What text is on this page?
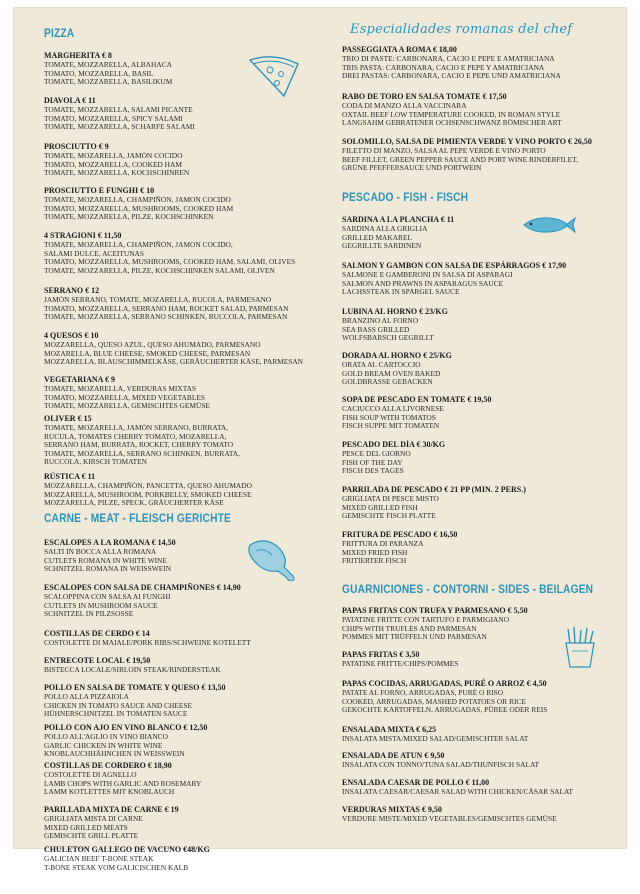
PIZZA
MARGHERITA € 8
TOMATE, MOZZARELLA, ALBAHACA
TOMATO, MOZZARELLA, BASIL
TOMATE, MOZZARELLA, BASILIKUM
DIAVOLA € 11
TOMATE, MOZZARELLA, SALAMI PICANTE
TOMATO, MOZZARELLA, SPICY SALAMI
TOMATE, MOZZARELLA, SCHARFE SALAMI
PROSCIUTTO € 9
TOMATE, MOZARELLA, JAMÓN COCIDO
TOMATO, MOZZARELLA, COOKED HAM
TOMATE, MOZZARELLA, KOCHSCHINREN
PROSCIUTTO E FUNGHI € 10
TOMATE, MOZARELLA, CHAMPIÑÓN, JAMON COCIDO
TOMATO, MOZZARELLA, MUSHROOMS, COOKED HAM
TOMATE, MOZZARELLA, PILZE, KOCHSCHINKEN
4 STRAGIONI € 11,50
TOMATE, MOZARELLA, CHAMPIÑÓN, JAMON COCIDO,
SALAMI DULCE, ACEITUNAS
TOMATO, MOZZARELLA, MUSHROOMS, COOKED HAM, SALAMI, OLIVES
TOMATE, MOZZARELLA, PILZE, KOCHSCHINKEN SALAMI, OLIVEN
SERRANO € 12
JAMÓN SERRANO, TOMATE, MOZARELLA, RUCOLA, PARMESANO
TOMATO, MOZZARELLA, SERRANO HAM, ROCKET SALAD, PARMESAN
TOMATE, MOZZARELLA, SERRANO SCHINKEN, RUCCOLA, PARMESAN
4 QUESOS € 10
MOZZARELLA, QUESO AZUL, QUESO AHUMADO, PARMESANO
MOZARELLA, BLUE CHEESE, SMOKED CHEESE, PARMESAN
MOZZARELLA, BLAUSCHIMMELKÄSE, GERÄUCHERTER KÄSE, PARMESAN
VEGETARIANA € 9
TOMATE, MOZARELLA, VERDURAS MIXTAS
TOMATO, MOZZARELLA, MIXED VEGETABLES
TOMATE, MOZZARELLA, GEMISCHTES GEMÜSE
OLIVER € 15
TOMATE, MOZARELLA, JAMÓN SERRANO, BURRATA,
RÚCULA, TOMATES CHERRY TOMATO, MOZARELLA,
SERRANO HAM, BURRATA, ROCKET, CHERRY TOMATO
TOMATE, MOZARELLA, SERRANO SCHINKEN, BURRATA,
RUCCOLA, KIRSCH TOMATEN
RÚSTICA € 11
MOZZARELLA, CHAMPIÑÓN, PANCETTA, QUESO AHUMADO
MOZZARELLA, MUSHROOM, PORKBELLY, SMOKED CHEESE
MOZZARELLA, PILZE, SPECK, GRÄUCHERTER KÄSE
CARNE - MEAT - FLEISCH GERICHTE
ESCALOPES A LA ROMANA € 14,50
SALTI IN BOCCA ALLA ROMANA
CUTLETS ROMANA IN WHITE WINE
SCHNITZEL ROMANA IN WEISSWEIN
ESCALOPES CON SALSA DE CHAMPIÑONES € 14,90
SCALOPPINA CON SALSA AI FUNGHI
CUTLETS IN MUSHROOM SAUCE
SCHNITZEL IN PILZSOSSE
COSTILLAS DE CERDO € 14
COSTOLETTE DI MAIALE/PORK RIBS/SCHWEINE KOTELETT
ENTRECOTE LOCAL € 19,50
BISTECCA LOCALE/SIRLOIN STEAK/RINDERSTEAK
POLLO EN SALSA DE TOMATE Y QUESO € 13,50
POLLO ALLA PIZZAIOLA
CHICKEN IN TOMATO SAUCE AND CHEESE
HÜHNERSCHNITZEL IN TOMATEN SAUCE
POLLO CON AJO EN VINO BLANCO € 12,50
POLLO ALL'AGLIO IN VINO BIANCO
GARLIC CHICKEN IN WHITE WINE
KNOBLAUCHHÄHNCHEN IN WEISSWEIN
COSTILLAS DE CORDERO € 18,90
COSTOLETTE DI AGNELLO
LAMB CHOPS WITH GARLIC AND ROSEMARY
LAMM KOTLETTES MIT KNOBLAUCH
PARILLADA MIXTA DE CARNE € 19
GRIGLIATA MISTA DI CARNE
MIXED GRILLED MEATS
GEMISCHTE GRILL PLATTE
CHULETON GALLEGO DE VACUNO €48/KG
GALICIAN BEEF T-BONE STEAK
T-BONE STEAK VOM GALICISCHEN KALB
Especialidades romanas del chef
PASSEGGIATA A ROMA € 18,00
TRIO DI PASTE: CARBONARA, CACIO E PEPE E AMATRICIANA
TRIS PASTA: CARBONARA, CACIO E PEPE Y AMATRICIANA
DREI PASTAS: CARBONARA, CACIO E PEPE UND AMATRICIANA
RABO DE TORO EN SALSA TOMATE € 17,50
CODA DI MANZO ALLA VACCINARA
OXTAIL BEEF LOW TEMPERATURE COOKED, IN ROMAN STYLE
LANGSAHM GEBRATENER OCHSENSCHWANZ RÖMISCHER ART
SOLOMILLO, SALSA DE PIMIENTA VERDE Y VINO PORTO € 26,50
FILETTO DI MANZO, SALSA AL PEPE VERDE E VINO PORTO
BEEF FILLET, GREEN PEPPER SAUCE AND PORT WINE RINDERFILET,
GRÜNE PFEFFERSAUCE UND PORTWEIN
PESCADO - FISH - FISCH
SARDINA A LA PLANCHA € 11
SARDINA ALLA GRIGLIA
GRILLED MAKAREL
GEGRILLTE SARDINEN
SALMON Y GAMBON CON SALSA DE ESPÁRRAGOS € 17,90
SALMONE E GAMBERONI IN SALSA DI ASPARAGI
SALMON AND PRAWNS IN ASPARAGUS SAUCE
LACHSSTEAK IN SPARGEL SAUCE
LUBINA AL HORNO € 23/KG
BRANZINO AL FORNO
SEA BASS GRILLED
WOLFSBARSCH GEGRILLT
DORADA AL HORNO € 25/KG
ORATA AL CARTOCCIO
GOLD BREAM OVEN BAKED
GOLDBRASSE GEBACKEN
SOPA DE PESCADO EN TOMATE € 19,50
CACIUCCO ALLA LIVORNESE
FISH SOUP WITH TOMATOS
FISCH SUPPE MIT TOMATEN
PESCADO DEL DÍA € 30/KG
PESCE DEL GIORNO
FISH OF THE DAY
FISCH DES TAGES
PARRILADA DE PESCADO € 21 PP (MIN. 2 PERS.)
GRIGLIATA DI PESCE MISTO
MIXED GRILLED FISH
GEMISCHTE FISCH PLATTE
FRITURA DE PESCADO € 16,50
FRITTURA DI PARANZA
MIXED FRIED FISH
FRITIERTER FISCH
GUARNICIONES - CONTORNI - SIDES - BEILAGEN
PAPAS FRITAS CON TRUFA Y PARMESANO € 5,50
PATATINE FRITTE CON TARTUFO E PARMIGIANO
CHIPS WITH TRUFLES AND PARMESAN
POMMES MIT TRÜFFELN UND PARMESAN
PAPAS FRITAS € 3,50
PATATINE FRITTE/CHIPS/POMMES
PAPAS COCIDAS, ARRUGADAS, PURÉ O ARROZ € 4,50
PATATE AL FORNO, ARRUGADAS, PURÉ O RISO
COOKED, ARRUGADAS, MASHED POTATOES OR RICE
GEKOCHTE KARTOFFELN, ARRUGADAS, PÜREE ODER REIS
ENSALADA MIXTA € 6,25
INSALATA MISTA/MIXED SALAD/GEMISCHTER SALAT
ENSALADA DE ATUN € 9,50
INSALATA CON TONNO/TUNA SALAD/THUNFISCH SALAT
ENSALADA CAESAR DE POLLO € 11,00
INSALATA CAESAR/CAESAR SALAD WITH CHICKEN/CÄSAR SALAT
VERDURAS MIXTAS € 9,50
VERDURE MISTE/MIXED VEGETABLES/GEMISCHTES GEMÜSE
